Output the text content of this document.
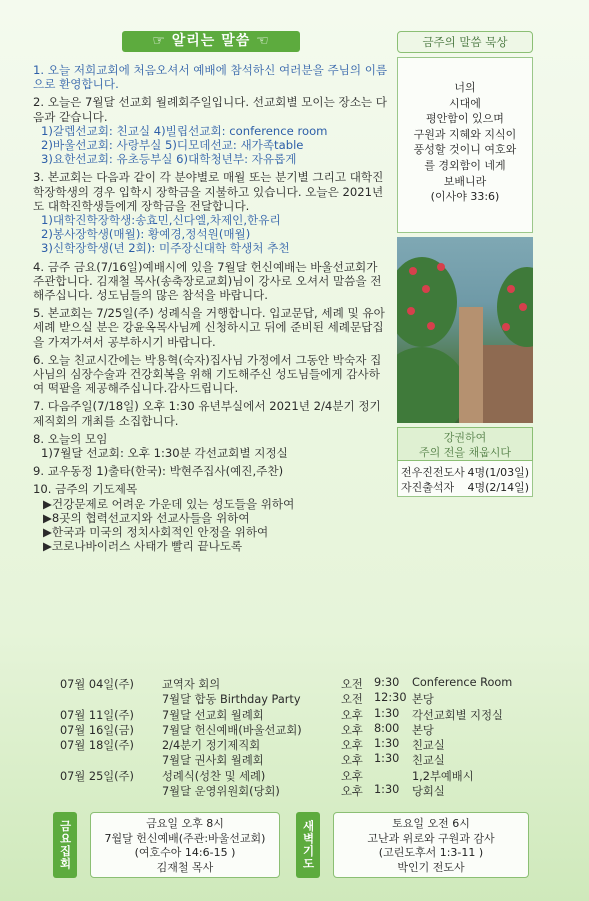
☞ 알리는 말씀 ☜
1. 오늘 저희교회에 처음오셔서 예배에 참석하신 여러분을 주님의 이름으로 환영합니다.
2. 오늘은 7월달 선교회 월례회주일입니다. 선교회별 모이는 장소는 다음과 같습니다.
1)갈렙선교회: 친교실 4)빌립선교회: conference room
2)바울선교회: 사랑부실 5)디모데선교: 새가족table
3)요한선교회: 유초등부실 6)대학청년부: 자유롭게
3. 본교회는 다음과 같이 각 분야별로 매월 또는 분기별 그리고 대학진학장학생의 경우 입학시 장학금을 지불하고 있습니다. 오늘은 2021년도 대학진학생들에게 장학금을 전달합니다.
1)대학진학장학생:송효민,신다엘,차제인,한유리
2)봉사장학생(매월): 황예경,정석원(매월)
3)신학장학생(년 2회): 미주장신대학 학생처 추천
4. 금주 금요(7/16일)예배시에 있을 7월달 헌신예배는 바울선교회가 주관합니다. 김재철 목사(송축장로교회)님이 강사로 오셔서 말씀을 전해주십니다. 성도님들의 많은 참석을 바랍니다.
5. 본교회는 7/25일(주) 성례식을 거행합니다. 입교문답, 세례 및 유아세례 받으실 분은 강윤옥목사님께 신청하시고 뒤에 준비된 세례문답집을 가져가셔서 공부하시기 바랍니다.
6. 오늘 친교시간에는 박용혁(숙자)집사님 가정에서 그동안 박숙자 집사님의 심장수술과 건강회복을 위해 기도해주신 성도님들에게 감사하여 떡팥을 제공해주십니다.감사드립니다.
7. 다음주일(7/18일) 오후 1:30 유년부실에서 2021년 2/4분기 정기제직회의 개최를 소집합니다.
8. 오늘의 모임
1)7월달 선교회: 오후 1:30분 각선교회별 지정실
9. 교우동정 1)출타(한국): 박현주집사(예진,주찬)
10. 금주의 기도제목
▶건강문제로 어려운 가운데 있는 성도들을 위하여
▶8곳의 협력선교지와 선교사들을 위하여
▶한국과 미국의 정치사회적인 안정을 위하여
▶코로나바이러스 사태가 빨리 끝나도록
금주의 말씀 묵상
너의
시대에
평안함이 있으며
구원과 지혜와 지식이
풍성할 것이니 여호와
를 경외함이 네게
보배니라
(이사야 33:6)
강권하여
주의 전을 채웁시다
전우진전도사 4명(1/03일)
자진출석자 4명(2/14일)
07월 04일(주) 교역자 회의	오전 9:30 Conference Room
7월달 합동 Birthday Party	오전 12:30 본당
07월 11일(주) 7월달 선교회 월례회	오후 1:30 각선교회별 지정실
07월 16일(금) 7월달 헌신예배(바울선교회)	오후 8:00 본당
07월 18일(주) 2/4분기 정기제직회	오후 1:30 친교실
7월달 권사회 월례회	오후 1:30 친교실
07월 25일(주) 성례식(성찬 및 세례)	오후	1,2부예배시
7월달 운영위원회(당회)	오후 1:30 당회실
금요집회	금요일 오후 8시
7월달 헌신예배(주관:바울선교회)
(여호수아 14:6-15 )
김재철 목사	새벽기도	토요일 오전 6시
고난과 위로와 구원과 감사
(고린도후서 1:3-11 )
박인기 전도사
